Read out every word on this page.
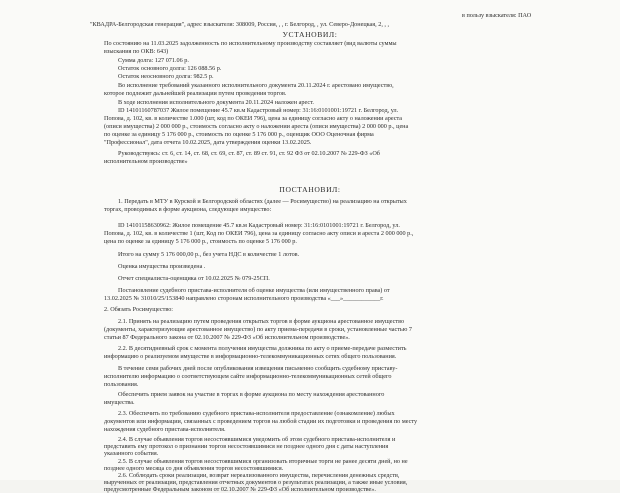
в пользу взыскателя: ПАО
"КВАДРА-Белгородская генерация", адрес взыскателя: 308009, Россия, , , г. Белгород, , ул. Северо-Донецкая, 2, , ,
УСТАНОВИЛ:
По состоянию на 11.03.2025 задолженность по исполнительному производству составляет (вид валюты суммы
взыскания по ОКВ: 643)
Сумма долга: 127 071.06 р.
Остаток основного долга: 126 088.56 р.
Остаток неосновного долга: 982.5 р.
Во исполнение требований указанного исполнительного документа 20.11.2024 г. арестовано имущество,
которое подлежит дальнейшей реализации путем проведения торгов.
В ходе исполнения исполнительного документа 20.11.2024 наложен арест.
ID 14101160787037 Жилое помещение 45.7 кв.м Кадастровый номер: 31:16:0101001:19721 г. Белгород, ул.
Попова, д. 102, кв. в количестве 1.000 (шт, код по ОКЕИ 796), цена за единицу согласно акту о наложении ареста
(описи имущества) 2 000 000 р., стоимость согласно акту о наложении ареста (описи имущества) 2 000 000 р., цена
по оценке за единицу 5 176 000 р., стоимость по оценке 5 176 000 р., оценщик ООО Оценочная фирма
"Профессионал", дата отчета 10.02.2025, дата утверждения оценки 13.02.2025.
Руководствуясь: ст. 6, ст. 14, ст. 68, ст. 69, ст. 87, ст. 89 ст. 91, ст. 92 ФЗ от 02.10.2007 № 229-ФЗ «Об
исполнительном производстве»
ПОСТАНОВИЛ:
1. Передать в МТУ в Курской и Белгородской областях (далее — Росимущество) на реализацию на открытых
торгах, проводимых в форме аукциона, следующее имущество:
ID 14101158630962: Жилое помещение 45.7 кв.м Кадастровый номер: 31:16:0101001:19721 г. Белгород, ул.
Попова, д. 102, кв. в количестве 1 (шт, Код по ОКЕИ 796), цена за единицу согласно акту описи и ареста 2 000 000 р.,
цена по оценке за единицу 5 176 000 р., стоимость по оценке 5 176 000 р.
Итого на сумму 5 176 000,00 р., без учета НДС в количестве 1 лотов.
Оценка имущества произведена .
Отчет специалиста-оценщика от 10.02.2025 № 079-25СП.
Постановление судебного пристава-исполнителя об оценке имущества (или имущественного права) от
13.02.2025 № 31010/25/153840 направлено сторонам исполнительного производства «___»____________г.
2. Обязать Росимущество:
2.1. Принять на реализацию путем проведения открытых торгов в форме аукциона арестованное имущество
(документы, характеризующие арестованное имущество) по акту приема-передачи в сроки, установленные частью 7
статьи 87 Федерального закона от 02.10.2007 № 229-ФЗ «Об исполнительном производстве».
2.2. В десятидневный срок с момента получения имущества должника по акту о приеме-передаче разместить
информацию о реализуемом имуществе в информационно-телекоммуникационных сетях общего пользования.
В течение семи рабочих дней после опубликования извещения письменно сообщить судебному приставу-
исполнителю информацию о соответствующем сайте информационно-телекоммуникационных сетей общего
пользования.
Обеспечить прием заявок на участие в торгах в форме аукциона по месту нахождения арестованного
имущества.
2.3. Обеспечить по требованию судебного пристава-исполнителя предоставление (ознакомление) любых
документов или информации, связанных с проведением торгов на любой стадии их подготовки и проведения по месту
нахождения судебного пристава-исполнителя.
2.4. В случае объявления торгов несостоявшимися уведомить об этом судебного пристава-исполнителя и
представить ему протокол о признании торгов несостоявшимися не позднее одного дня с даты наступления
указанного события.
2.5. В случае объявления торгов несостоявшимися организовать вторичные торги не ранее десяти дней, но не
позднее одного месяца со дня объявления торгов несостоявшимися.
2.6. Соблюдать сроки реализации, возврат нереализованного имущества, перечисления денежных средств,
вырученных от реализации, представления отчетных документов о результатах реализации, а также иные условия,
предусмотренные Федеральным законом от 02.10.2007 № 229-ФЗ «Об исполнительном производстве».
